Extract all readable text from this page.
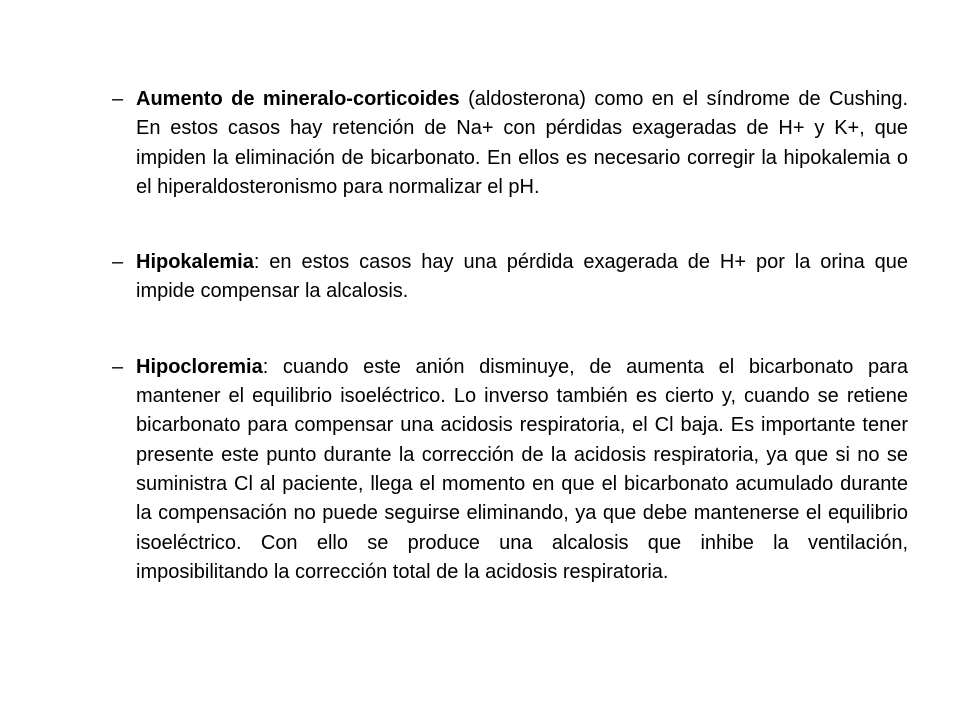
– Aumento de mineralo-corticoides (aldosterona) como en el síndrome de Cushing. En estos casos hay retención de Na+ con pérdidas exageradas de H+ y K+, que impiden la eliminación de bicarbonato. En ellos es necesario corregir la hipokalemia o el hiperaldosteronismo para normalizar el pH.
– Hipokalemia: en estos casos hay una pérdida exagerada de H+ por la orina que impide compensar la alcalosis.
– Hipocloremia: cuando este anión disminuye, de aumenta el bicarbonato para mantener el equilibrio isoeléctrico. Lo inverso también es cierto y, cuando se retiene bicarbonato para compensar una acidosis respiratoria, el Cl baja. Es importante tener presente este punto durante la corrección de la acidosis respiratoria, ya que si no se suministra Cl al paciente, llega el momento en que el bicarbonato acumulado durante la compensación no puede seguirse eliminando, ya que debe mantenerse el equilibrio isoeléctrico. Con ello se produce una alcalosis que inhibe la ventilación, imposibilitando la corrección total de la acidosis respiratoria.
